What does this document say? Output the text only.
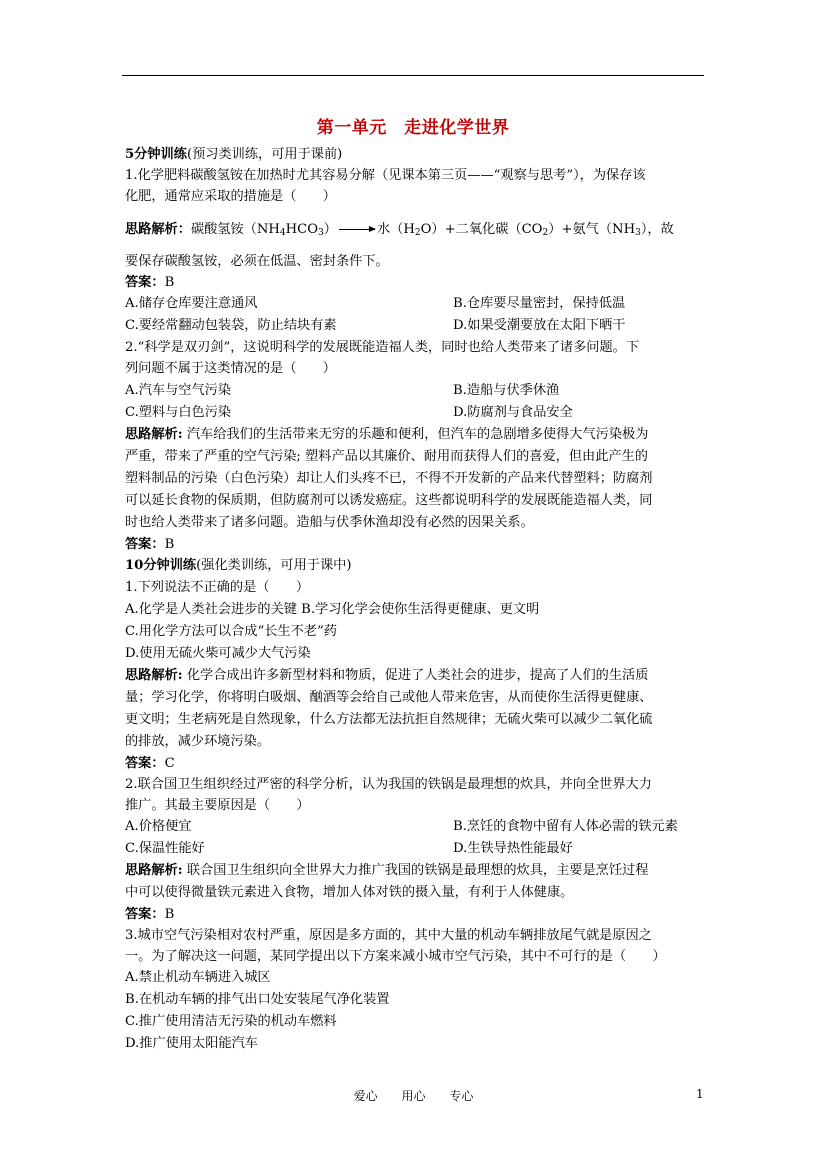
第一单元　走进化学世界
5分钟训练(预习类训练，可用于课前)
1.化学肥料碳酸氢铵在加热时尤其容易分解（见课本第三页——“观察与思考”），为保存该
化肥，通常应采取的措施是（　　）
思路解析：碳酸氢铵$(NH_4HCO_3)$ → 水$(H_2O)+$二氧化碳$(CO_2)+$氨气$(NH_3)$，故
要保存碳酸氢铵，必须在低温、密封条件下。
答案：B
A.储存仓库要注意通风	B.仓库要尽量密封，保持低温
C.要经常翻动包装袋，防止结块有素	D.如果受潮要放在太阳下晒干
2.“科学是双刃剑”，这说明科学的发展既能造福人类，同时也给人类带来了诸多问题。下
列问题不属于这类情况的是（　　）
A.汽车与空气污染	B.造船与伏季休渔
C.塑料与白色污染	D.防腐剂与食品安全
思路解析: 汽车给我们的生活带来无穷的乐趣和便利，但汽车的急剧增多使得大气污染极为
严重，带来了严重的空气污染; 塑料产品以其廉价、耐用而获得人们的喜爱，但由此产生的
塑料制品的污染（白色污染）却让人们头疼不已，不得不开发新的产品来代替塑料；防腐剂
可以延长食物的保质期，但防腐剂可以诱发癌症。这些都说明科学的发展既能造福人类，同
时也给人类带来了诸多问题。造船与伏季休渔却没有必然的因果关系。
答案：B
10分钟训练(强化类训练，可用于课中)
1.下列说法不正确的是（　　）
A.化学是人类社会进步的关键 B.学习化学会使你生活得更健康、更文明
C.用化学方法可以合成“长生不老”药
D.使用无硫火柴可减少大气污染
思路解析: 化学合成出许多新型材料和物质，促进了人类社会的进步，提高了人们的生活质
量；学习化学，你将明白吸烟、酗酒等会给自己或他人带来危害，从而使你生活得更健康、
更文明；生老病死是自然现象，什么方法都无法抗拒自然规律；无硫火柴可以减少二氧化硫
的排放，减少环境污染。
答案：C
2.联合国卫生组织经过严密的科学分析，认为我国的铁锅是最理想的炊具，并向全世界大力
推广。其最主要原因是（　　）
A.价格便宜	B.烹饪的食物中留有人体必需的铁元素
C.保温性能好	D.生铁导热性能最好
思路解析: 联合国卫生组织向全世界大力推广我国的铁锅是最理想的炊具，主要是烹饪过程
中可以使得微量铁元素进入食物，增加人体对铁的摄入量，有利于人体健康。
答案：B
3.城市空气污染相对农村严重，原因是多方面的，其中大量的机动车辆排放尾气就是原因之
一。为了解决这一问题，某同学提出以下方案来减小城市空气污染，其中不可行的是（　　）
A.禁止机动车辆进入城区
B.在机动车辆的排气出口处安装尾气净化装置
C.推广使用清洁无污染的机动车燃料
D.推广使用太阳能汽车
爱心 用心 专心	1
